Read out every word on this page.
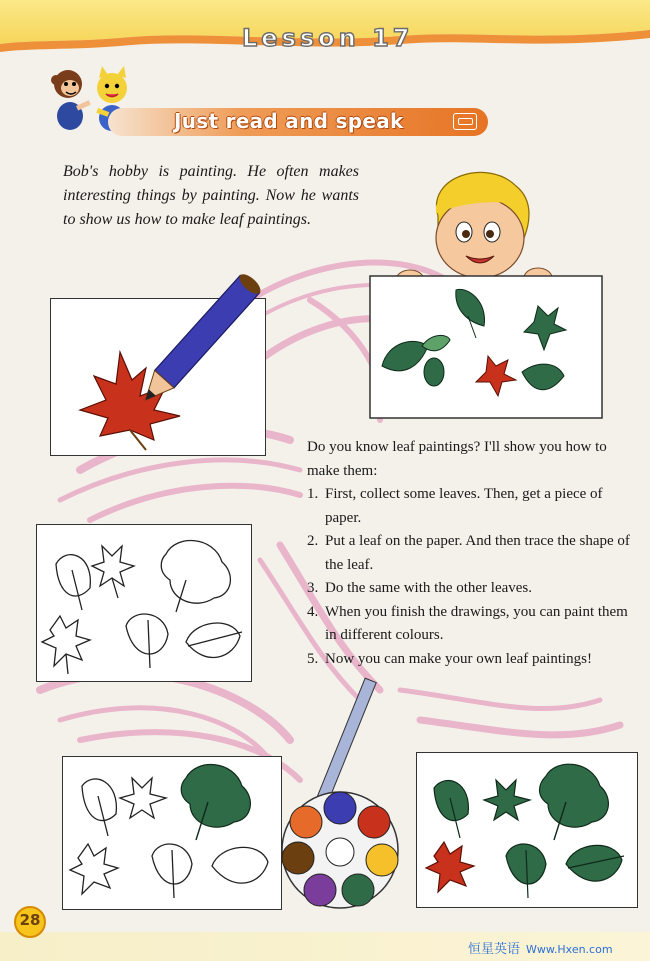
Lesson 17
Just read and speak

Bob's hobby is painting. He often makes interesting things by painting. Now he wants to show us how to make leaf paintings.

Do you know leaf paintings? I'll show you how to make them:

1. First, collect some leaves. Then, get a piece of paper.
2. Put a leaf on the paper. And then trace the shape of the leaf.
3. Do the same with the other leaves.
4. When you finish the drawings, you can paint them in different colours.
5. Now you can make your own leaf paintings!
28
恒星英语 Www.Hxen.com
